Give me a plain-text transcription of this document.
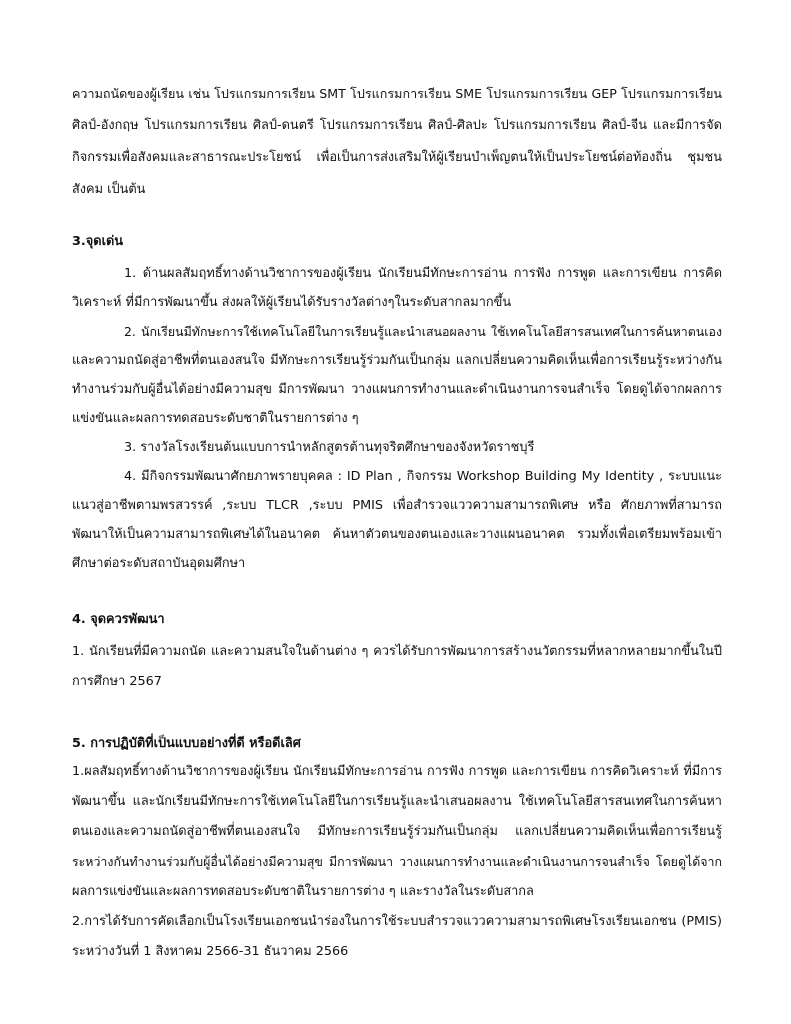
ความถนัดของผู้เรียน เช่น โปรแกรมการเรียน SMT โปรแกรมการเรียน SME โปรแกรมการเรียน GEP โปรแกรมการเรียน
ศิลป์-อังกฤษ โปรแกรมการเรียน ศิลป์-ดนตรี โปรแกรมการเรียน ศิลป์-ศิลปะ โปรแกรมการเรียน ศิลป์-จีน และมีการจัด
กิจกรรมเพื่อสังคมและสาธารณะประโยชน์ เพื่อเป็นการส่งเสริมให้ผู้เรียนบำเพ็ญตนให้เป็นประโยชน์ต่อท้องถิ่น ชุมชน
สังคม เป็นต้น
3.จุดเด่น
1. ด้านผลสัมฤทธิ์ทางด้านวิชาการของผู้เรียน นักเรียนมีทักษะการอ่าน การฟัง การพูด และการเขียน การคิด
วิเคราะห์ ที่มีการพัฒนาขึ้น ส่งผลให้ผู้เรียนได้รับรางวัลต่างๆในระดับสากลมากขึ้น
2. นักเรียนมีทักษะการใช้เทคโนโลยีในการเรียนรู้และนำเสนอผลงาน ใช้เทคโนโลยีสารสนเทศในการค้นหาตนเอง
และความถนัดสู่อาชีพที่ตนเองสนใจ มีทักษะการเรียนรู้ร่วมกันเป็นกลุ่ม แลกเปลี่ยนความคิดเห็นเพื่อการเรียนรู้ระหว่างกัน
ทำงานร่วมกับผู้อื่นได้อย่างมีความสุข มีการพัฒนา วางแผนการทำงานและดำเนินงานการจนสำเร็จ โดยดูได้จากผลการ
แข่งขันและผลการทดสอบระดับชาติในรายการต่าง ๆ
3. รางวัลโรงเรียนต้นแบบการนำหลักสูตรต้านทุจริตศึกษาของจังหวัดราชบุรี
4. มีกิจกรรมพัฒนาศักยภาพรายบุคคล : ID Plan , กิจกรรม Workshop Building My Identity , ระบบแนะ
แนวสู่อาชีพตามพรสวรรค์ ,ระบบ TLCR ,ระบบ PMIS เพื่อสำรวจแววความสามารถพิเศษ หรือ ศักยภาพที่สามารถ
พัฒนาให้เป็นความสามารถพิเศษได้ในอนาคต ค้นหาตัวตนของตนเองและวางแผนอนาคต รวมทั้งเพื่อเตรียมพร้อมเข้า
ศึกษาต่อระดับสถาบันอุดมศึกษา
4. จุดควรพัฒนา
1. นักเรียนที่มีความถนัด และความสนใจในด้านต่าง ๆ ควรได้รับการพัฒนาการสร้างนวัตกรรมที่หลากหลายมากขึ้นในปี
การศึกษา 2567
5. การปฏิบัติที่เป็นแบบอย่างที่ดี หรือดีเลิศ
1.ผลสัมฤทธิ์ทางด้านวิชาการของผู้เรียน นักเรียนมีทักษะการอ่าน การฟัง การพูด และการเขียน การคิดวิเคราะห์ ที่มีการ
พัฒนาขึ้น และนักเรียนมีทักษะการใช้เทคโนโลยีในการเรียนรู้และนำเสนอผลงาน ใช้เทคโนโลยีสารสนเทศในการค้นหา
ตนเองและความถนัดสู่อาชีพที่ตนเองสนใจ มีทักษะการเรียนรู้ร่วมกันเป็นกลุ่ม แลกเปลี่ยนความคิดเห็นเพื่อการเรียนรู้
ระหว่างกันทำงานร่วมกับผู้อื่นได้อย่างมีความสุข มีการพัฒนา วางแผนการทำงานและดำเนินงานการจนสำเร็จ โดยดูได้จาก
ผลการแข่งขันและผลการทดสอบระดับชาติในรายการต่าง ๆ และรางวัลในระดับสากล
2.การได้รับการคัดเลือกเป็นโรงเรียนเอกชนนำร่องในการใช้ระบบสำรวจแววความสามารถพิเศษโรงเรียนเอกชน (PMIS)
ระหว่างวันที่ 1 สิงหาคม 2566-31 ธันวาคม 2566
